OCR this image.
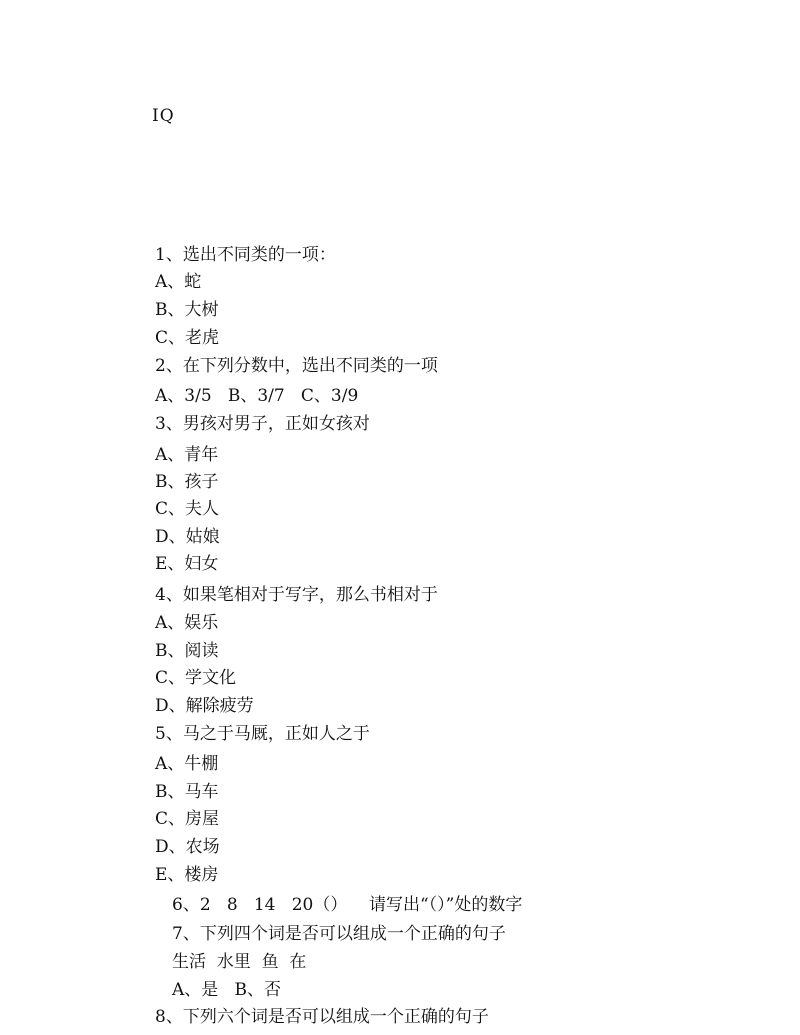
IQ
1、选出不同类的一项：
A、蛇
B、大树
C、老虎
2、在下列分数中，选出不同类的一项
A、3/5   B、3/7   C、3/9
3、男孩对男子，正如女孩对
A、青年
B、孩子
C、夫人
D、姑娘
E、妇女
4、如果笔相对于写字，那么书相对于
A、娱乐
B、阅读
C、学文化
D、解除疲劳
5、马之于马厩，正如人之于
A、牛棚
B、马车
C、房屋
D、农场
E、楼房
6、2   8   14   20（）    请写出“（）”处的数字
7、下列四个词是否可以组成一个正确的句子
生活  水里  鱼  在
A、是   B、否
8、下列六个词是否可以组成一个正确的句子
